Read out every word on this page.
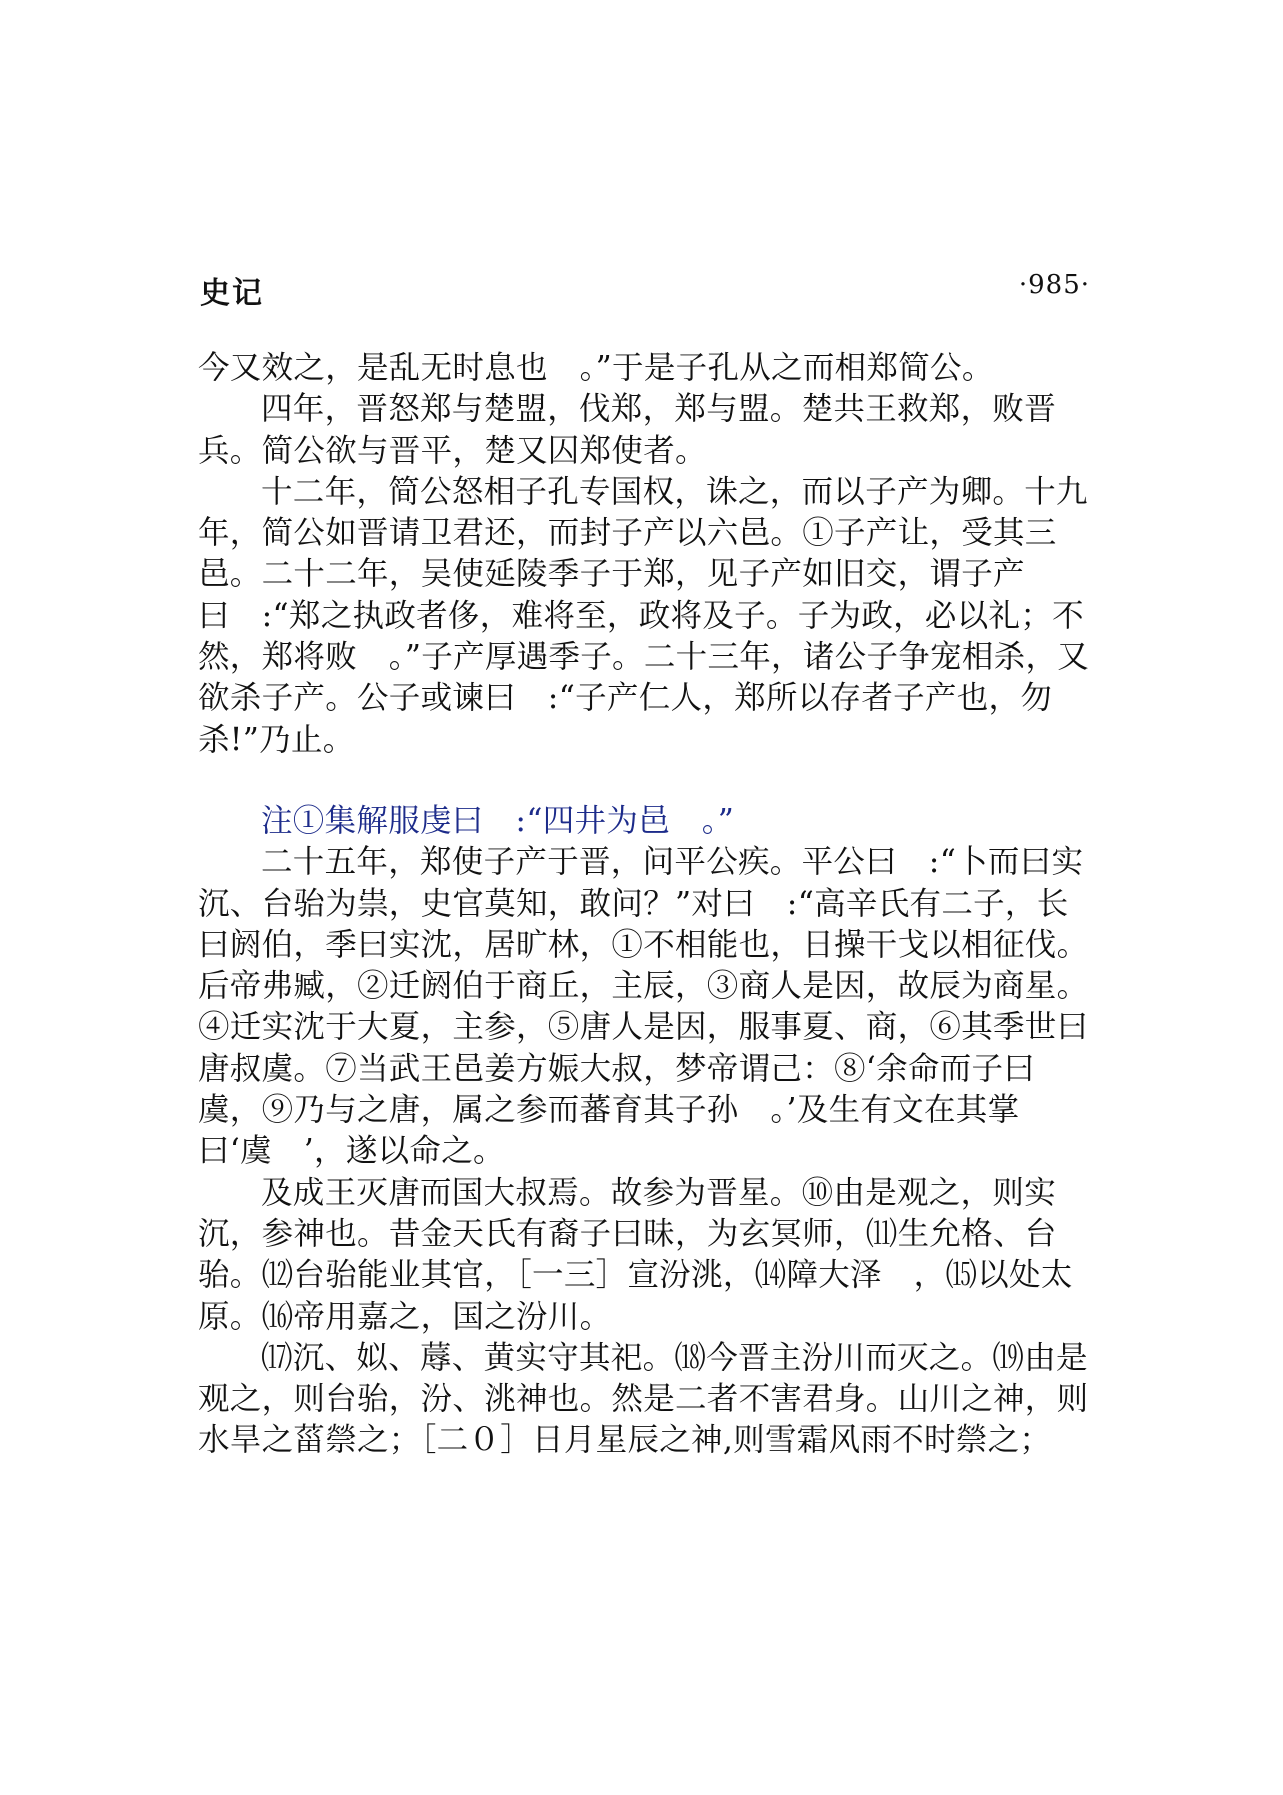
史记	·985·

今又效之，是乱无时息也　。”于是子孔从之而相郑简公。

四年，晋怒郑与楚盟，伐郑，郑与盟。楚共王救郑，败晋兵。简公欲与晋平，楚又囚郑使者。

十二年，简公怒相子孔专国权，诛之，而以子产为卿。十九年，简公如晋请卫君还，而封子产以六邑。①子产让，受其三邑。二十二年，吴使延陵季子于郑，见子产如旧交，谓子产曰　:“郑之执政者侈，难将至，政将及子。子为政，必以礼；不然，郑将败　。”子产厚遇季子。二十三年，诸公子争宠相杀，又欲杀子产。公子或谏曰　:“子产仁人，郑所以存者子产也，勿杀!”乃止。

注①集解服虔曰　:“四井为邑　。”

二十五年，郑使子产于晋，问平公疾。平公曰　:“卜而曰实沉、台骀为祟，史官莫知，敢问？”对曰　:“高辛氏有二子，长曰阏伯，季曰实沈，居旷林，①不相能也，日操干戈以相征伐。后帝弗臧，②迁阏伯于商丘，主辰，③商人是因，故辰为商星。④迁实沈于大夏，主参，⑤唐人是因，服事夏、商，⑥其季世曰唐叔虞。⑦当武王邑姜方娠大叔，梦帝谓己：⑧‘余命而子曰虞，⑨乃与之唐，属之参而蕃育其子孙　。’及生有文在其掌曰‘虞　’，遂以命之。

及成王灭唐而国大叔焉。故参为晋星。⑩由是观之，则实沉，参神也。昔金天氏有裔子曰昧，为玄冥师，⑾生允格、台骀。⑿台骀能业其官，［一三］宣汾洮，⒁障大泽　，⒂以处太原。⒃帝用嘉之，国之汾川。

⒄沉、姒、蓐、黄实守其祀。⒅今晋主汾川而灭之。⒆由是观之，则台骀，汾、洮神也。然是二者不害君身。山川之神，则水旱之菑禜之；［二０］日月星辰之神,则雪霜风雨不时禜之；
